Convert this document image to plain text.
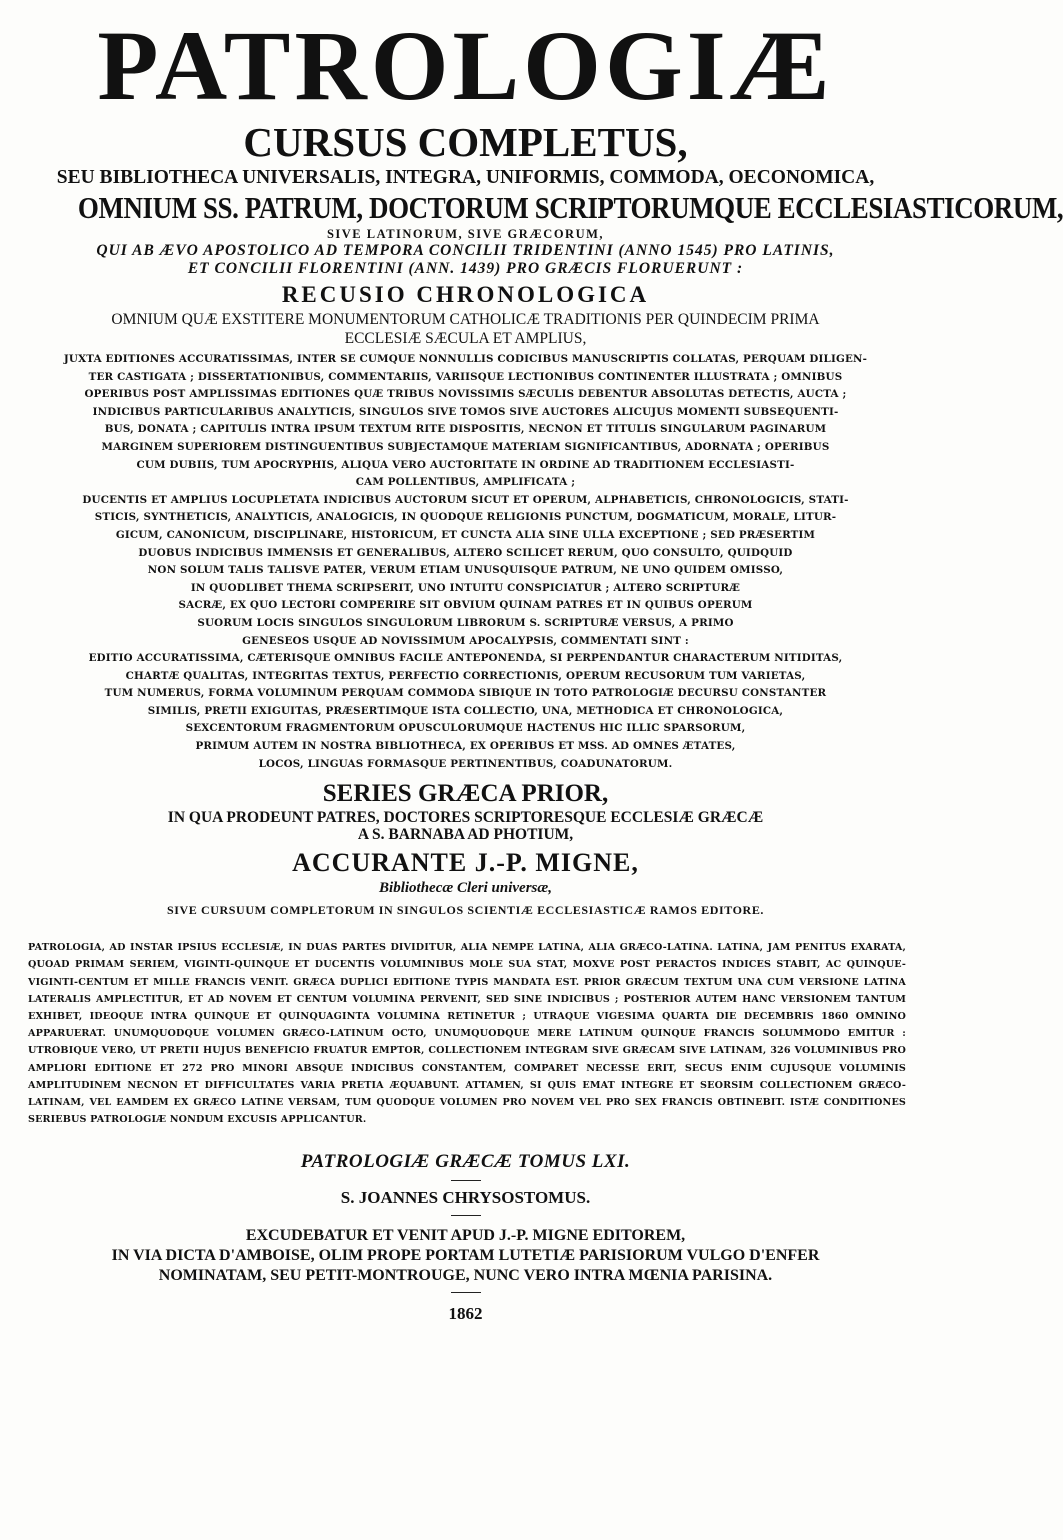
PATROLOGIÆ

CURSUS COMPLETUS,

SEU BIBLIOTHECA UNIVERSALIS, INTEGRA, UNIFORMIS, COMMODA, OECONOMICA,

OMNIUM SS. PATRUM, DOCTORUM SCRIPTORUMQUE ECCLESIASTICORUM,

SIVE LATINORUM, SIVE GRÆCORUM,

QUI AB ÆVO APOSTOLICO AD TEMPORA CONCILII TRIDENTINI (ANNO 1545) PRO LATINIS,

ET CONCILII FLORENTINI (ANN. 1439) PRO GRÆCIS FLORUERUNT :

RECUSIO CHRONOLOGICA

OMNIUM QUÆ EXSTITERE MONUMENTORUM CATHOLICÆ TRADITIONIS PER QUINDECIM PRIMA

ECCLESIÆ SÆCULA ET AMPLIUS,

JUXTA EDITIONES ACCURATISSIMAS, INTER SE CUMQUE NONNULLIS CODICIBUS MANUSCRIPTIS COLLATAS, PERQUAM DILIGEN-

TER CASTIGATA ; DISSERTATIONIBUS, COMMENTARIIS, VARIISQUE LECTIONIBUS CONTINENTER ILLUSTRATA ; OMNIBUS

OPERIBUS POST AMPLISSIMAS EDITIONES QUÆ TRIBUS NOVISSIMIS SÆCULIS DEBENTUR ABSOLUTAS DETECTIS, AUCTA ;

INDICIBUS PARTICULARIBUS ANALYTICIS, SINGULOS SIVE TOMOS SIVE AUCTORES ALICUJUS MOMENTI SUBSEQUENTI-

BUS, DONATA ; CAPITULIS INTRA IPSUM TEXTUM RITE DISPOSITIS, NECNON ET TITULIS SINGULARUM PAGINARUM

MARGINEM SUPERIOREM DISTINGUENTIBUS SUBJECTAMQUE MATERIAM SIGNIFICANTIBUS, ADORNATA ; OPERIBUS

CUM DUBIIS, TUM APOCRYPHIS, ALIQUA VERO AUCTORITATE IN ORDINE AD TRADITIONEM ECCLESIASTI-

CAM POLLENTIBUS, AMPLIFICATA ;

DUCENTIS ET AMPLIUS LOCUPLETATA INDICIBUS AUCTORUM SICUT ET OPERUM, ALPHABETICIS, CHRONOLOGICIS, STATI-

STICIS, SYNTHETICIS, ANALYTICIS, ANALOGICIS, IN QUODQUE RELIGIONIS PUNCTUM, DOGMATICUM, MORALE, LITUR-

GICUM, CANONICUM, DISCIPLINARE, HISTORICUM, ET CUNCTA ALIA SINE ULLA EXCEPTIONE ; SED PRÆSERTIM

DUOBUS INDICIBUS IMMENSIS ET GENERALIBUS, ALTERO SCILICET RERUM, QUO CONSULTO, QUIDQUID

NON SOLUM TALIS TALISVE PATER, VERUM ETIAM UNUSQUISQUE PATRUM, NE UNO QUIDEM OMISSO,

IN QUODLIBET THEMA SCRIPSERIT, UNO INTUITU CONSPICIATUR ; ALTERO SCRIPTURÆ

SACRÆ, EX QUO LECTORI COMPERIRE SIT OBVIUM QUINAM PATRES ET IN QUIBUS OPERUM

SUORUM LOCIS SINGULOS SINGULORUM LIBRORUM S. SCRIPTURÆ VERSUS, A PRIMO

GENESEOS USQUE AD NOVISSIMUM APOCALYPSIS, COMMENTATI SINT :

EDITIO ACCURATISSIMA, CÆTERISQUE OMNIBUS FACILE ANTEPONENDA, SI PERPENDANTUR CHARACTERUM NITIDITAS,

CHARTÆ QUALITAS, INTEGRITAS TEXTUS, PERFECTIO CORRECTIONIS, OPERUM RECUSORUM TUM VARIETAS,

TUM NUMERUS, FORMA VOLUMINUM PERQUAM COMMODA SIBIQUE IN TOTO PATROLOGIÆ DECURSU CONSTANTER

SIMILIS, PRETII EXIGUITAS, PRÆSERTIMQUE ISTA COLLECTIO, UNA, METHODICA ET CHRONOLOGICA,

SEXCENTORUM FRAGMENTORUM OPUSCULORUMQUE HACTENUS HIC ILLIC SPARSORUM,

PRIMUM AUTEM IN NOSTRA BIBLIOTHECA, EX OPERIBUS ET MSS. AD OMNES ÆTATES,

LOCOS, LINGUAS FORMASQUE PERTINENTIBUS, COADUNATORUM.

SERIES GRÆCA PRIOR,

IN QUA PRODEUNT PATRES, DOCTORES SCRIPTORESQUE ECCLESIÆ GRÆCÆ

A S. BARNABA AD PHOTIUM,

ACCURANTE J.-P. MIGNE,

Bibliothecæ Cleri universæ,

SIVE CURSUUM COMPLETORUM IN SINGULOS SCIENTIÆ ECCLESIASTICÆ RAMOS EDITORE.

PATROLOGIA, AD INSTAR IPSIUS ECCLESIÆ, IN DUAS PARTES DIVIDITUR, ALIA NEMPE LATINA, ALIA GRÆCO-LATINA. LATINA, JAM PENITUS EXARATA, QUOAD PRIMAM SERIEM, VIGINTI-QUINQUE ET DUCENTIS VOLUMINIBUS MOLE SUA STAT, MOXVE POST PERACTOS INDICES STABIT, AC QUINQUE-VIGINTI-CENTUM ET MILLE FRANCIS VENIT. GRÆCA DUPLICI EDITIONE TYPIS MANDATA EST. PRIOR GRÆCUM TEXTUM UNA CUM VERSIONE LATINA LATERALIS AMPLECTITUR, ET AD NOVEM ET CENTUM VOLUMINA PERVENIT, SED SINE INDICIBUS ; POSTERIOR AUTEM HANC VERSIONEM TANTUM EXHIBET, IDEOQUE INTRA QUINQUE ET QUINQUAGINTA VOLUMINA RETINETUR ; UTRAQUE VIGESIMA QUARTA DIE DECEMBRIS 1860 OMNINO APPARUERAT. UNUMQUODQUE VOLUMEN GRÆCO-LATINUM OCTO, UNUMQUODQUE MERE LATINUM QUINQUE FRANCIS SOLUMMODO EMITUR : UTROBIQUE VERO, UT PRETII HUJUS BENEFICIO FRUATUR EMPTOR, COLLECTIONEM INTEGRAM SIVE GRÆCAM SIVE LATINAM, 326 VOLUMINIBUS PRO AMPLIORI EDITIONE ET 272 PRO MINORI ABSQUE INDICIBUS CONSTANTEM, COMPARET NECESSE ERIT, SECUS ENIM CUJUSQUE VOLUMINIS AMPLITUDINEM NECNON ET DIFFICULTATES VARIA PRETIA ÆQUABUNT. ATTAMEN, SI QUIS EMAT INTEGRE ET SEORSIM COLLECTIONEM GRÆCO-LATINAM, VEL EAMDEM EX GRÆCO LATINE VERSAM, TUM QUODQUE VOLUMEN PRO NOVEM VEL PRO SEX FRANCIS OBTINEBIT. ISTÆ CONDITIONES SERIEBUS PATROLOGIÆ NONDUM EXCUSIS APPLICANTUR.

PATROLOGIÆ GRÆCÆ TOMUS LXI.

S. JOANNES CHRYSOSTOMUS.

EXCUDEBATUR ET VENIT APUD J.-P. MIGNE EDITOREM,

IN VIA DICTA D'AMBOISE, OLIM PROPE PORTAM LUTETIÆ PARISIORUM VULGO D'ENFER

NOMINATAM, SEU PETIT-MONTROUGE, NUNC VERO INTRA MŒNIA PARISINA.

1862
